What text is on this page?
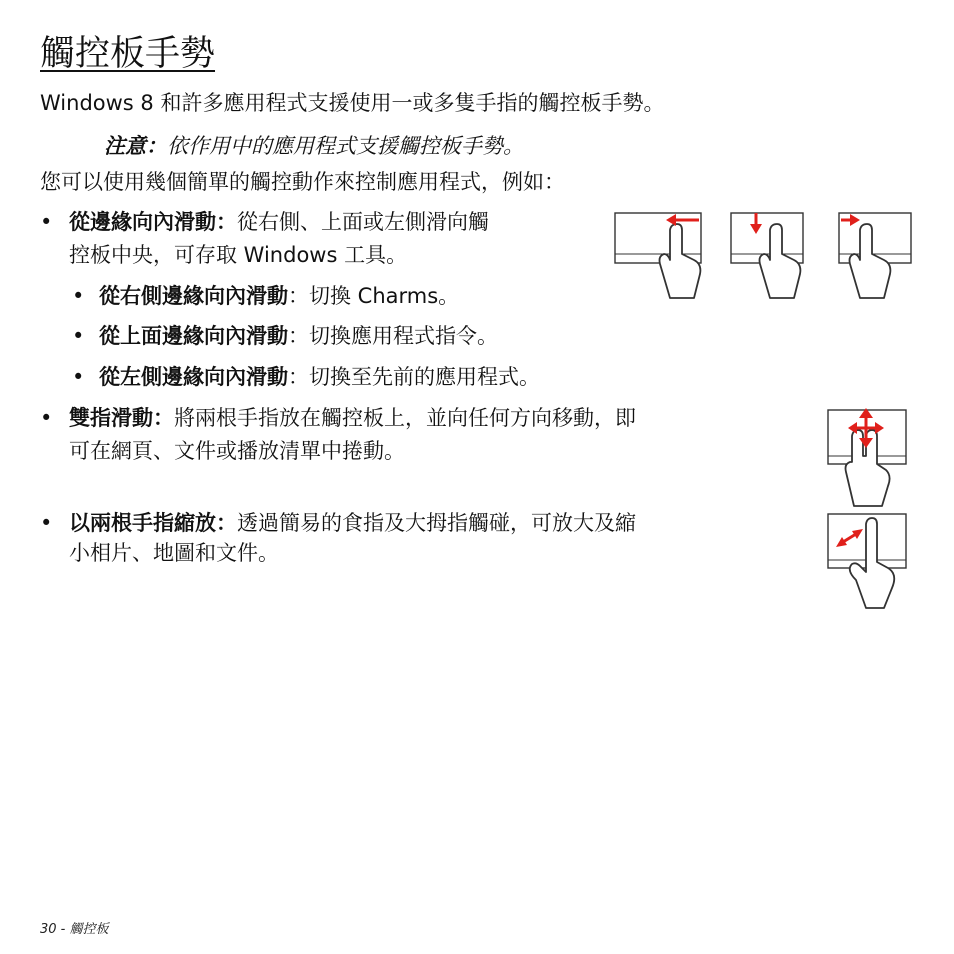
觸控板手勢
Windows 8 和許多應用程式支援使用一或多隻手指的觸控板手勢。
注意：依作用中的應用程式支援觸控板手勢。
您可以使用幾個簡單的觸控動作來控制應用程式，例如：
• 從邊緣向內滑動：從右側、上面或左側滑向觸
控板中央，可存取 Windows 工具。
• 從右側邊緣向內滑動：切換 Charms。
• 從上面邊緣向內滑動：切換應用程式指令。
• 從左側邊緣向內滑動：切換至先前的應用程式。
• 雙指滑動：將兩根手指放在觸控板上，並向任何方向移動，即
可在網頁、文件或播放清單中捲動。
• 以兩根手指縮放：透過簡易的食指及大拇指觸碰，可放大及縮
小相片、地圖和文件。
30 - 觸控板
